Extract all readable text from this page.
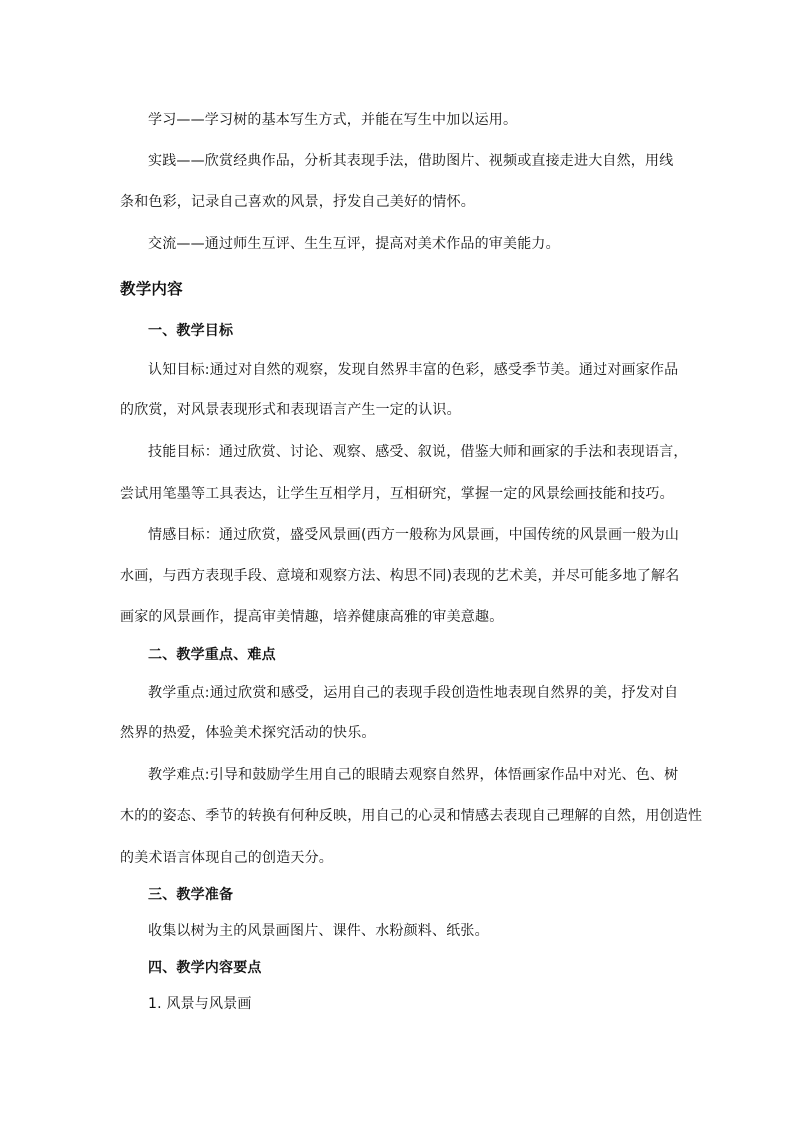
学习——学习树的基本写生方式，并能在写生中加以运用。
实践——欣赏经典作品，分析其表现手法，借助图片、视频或直接走进大自然，用线
条和色彩，记录自己喜欢的风景，抒发自己美好的情怀。
交流——通过师生互评、生生互评，提高对美术作品的审美能力。
教学内容
一、教学目标
认知目标:通过对自然的观察，发现自然界丰富的色彩，感受季节美。通过对画家作品
的欣赏，对风景表现形式和表现语言产生一定的认识。
技能目标：通过欣赏、讨论、观察、感受、叙说，借鉴大师和画家的手法和表现语言，
尝试用笔墨等工具表达，让学生互相学月，互相研究，掌握一定的风景绘画技能和技巧。
情感目标：通过欣赏，盛受风景画(西方一般称为风景画，中国传统的风景画一般为山
水画，与西方表现手段、意境和观察方法、构思不同)表现的艺术美，并尽可能多地了解名
画家的风景画作，提高审美情趣，培养健康高雅的审美意趣。
二、教学重点、难点
教学重点:通过欣赏和感受，运用自己的表现手段创造性地表现自然界的美，抒发对自
然界的热爱，体验美术探究活动的快乐。
教学难点:引导和鼓励学生用自己的眼睛去观察自然界，体悟画家作品中对光、色、树
木的的姿态、季节的转换有何种反映，用自己的心灵和情感去表现自己理解的自然，用创造性
的美术语言体现自己的创造天分。
三、教学准备
收集以树为主的风景画图片、课件、水粉颜料、纸张。
四、教学内容要点
1. 风景与风景画
